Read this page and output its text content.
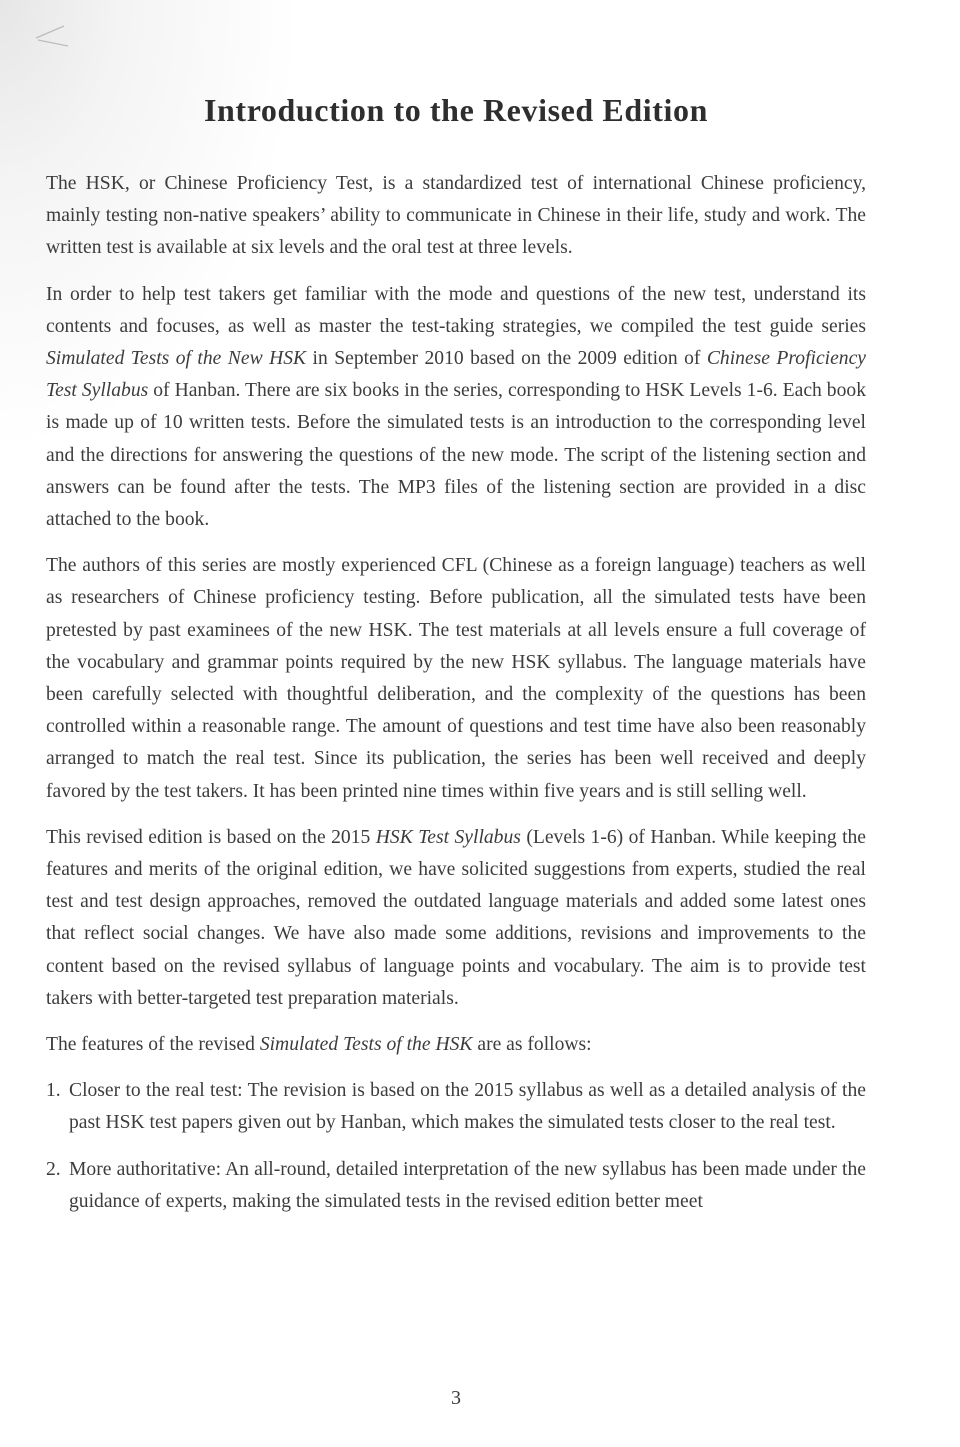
Introduction to the Revised Edition

The HSK, or Chinese Proficiency Test, is a standardized test of international Chinese proficiency, mainly testing non-native speakers’ ability to communicate in Chinese in their life, study and work. The written test is available at six levels and the oral test at three levels.

In order to help test takers get familiar with the mode and questions of the new test, understand its contents and focuses, as well as master the test-taking strategies, we compiled the test guide series Simulated Tests of the New HSK in September 2010 based on the 2009 edition of Chinese Proficiency Test Syllabus of Hanban. There are six books in the series, corresponding to HSK Levels 1-6. Each book is made up of 10 written tests. Before the simulated tests is an introduction to the corresponding level and the directions for answering the questions of the new mode. The script of the listening section and answers can be found after the tests. The MP3 files of the listening section are provided in a disc attached to the book.

The authors of this series are mostly experienced CFL (Chinese as a foreign language) teachers as well as researchers of Chinese proficiency testing. Before publication, all the simulated tests have been pretested by past examinees of the new HSK. The test materials at all levels ensure a full coverage of the vocabulary and grammar points required by the new HSK syllabus. The language materials have been carefully selected with thoughtful deliberation, and the complexity of the questions has been controlled within a reasonable range. The amount of questions and test time have also been reasonably arranged to match the real test. Since its publication, the series has been well received and deeply favored by the test takers. It has been printed nine times within five years and is still selling well.

This revised edition is based on the 2015 HSK Test Syllabus (Levels 1-6) of Hanban. While keeping the features and merits of the original edition, we have solicited suggestions from experts, studied the real test and test design approaches, removed the outdated language materials and added some latest ones that reflect social changes. We have also made some additions, revisions and improvements to the content based on the revised syllabus of language points and vocabulary. The aim is to provide test takers with better-targeted test preparation materials.

The features of the revised Simulated Tests of the HSK are as follows:

1. Closer to the real test: The revision is based on the 2015 syllabus as well as a detailed analysis of the past HSK test papers given out by Hanban, which makes the simulated tests closer to the real test.
2. More authoritative: An all-round, detailed interpretation of the new syllabus has been made under the guidance of experts, making the simulated tests in the revised edition better meet
3
